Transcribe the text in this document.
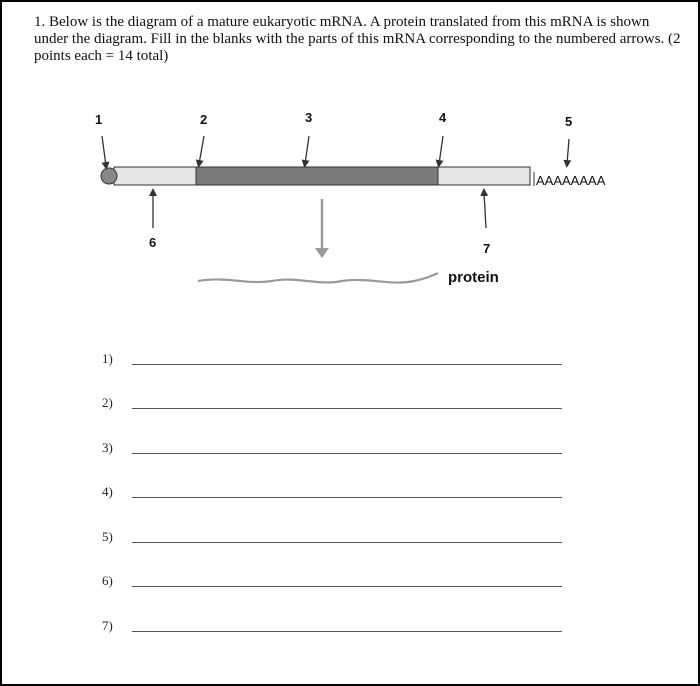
1. Below is the diagram of a mature eukaryotic mRNA. A protein translated from this mRNA is shown under the diagram. Fill in the blanks with the parts of this mRNA corresponding to the numbered arrows. (2 points each = 14 total)

1	2	3	4	5
AAAAAAAA
6	7
protein
1)
2)
3)
4)
5)
6)
7)
